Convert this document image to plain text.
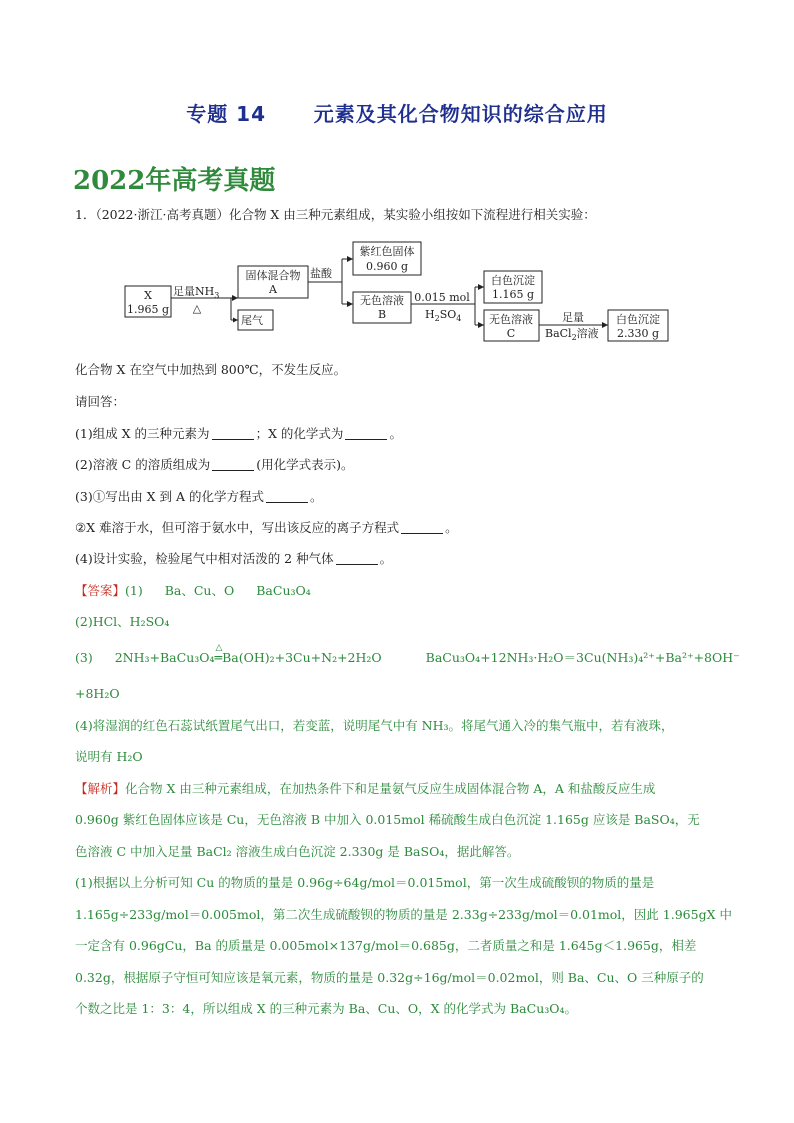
专题 14      元素及其化合物知识的综合应用
2022年高考真题
1．（2022·浙江·高考真题）化合物 X 由三种元素组成，某实验小组按如下流程进行相关实验：
X
1.965 g
足量$NH_3$
△
固体混合物
A
尾气
盐酸
紫红色固体
0.960 g
无色溶液
B
0.015 mol
$H_2SO_4$
白色沉淀
1.165 g
无色溶液
C
足量
BaCl$_2$溶液
白色沉淀
2.330 g
化合物 X 在空气中加热到 800℃，不发生反应。
请回答：
(1)组成 X 的三种元素为	；X 的化学式为	。
(2)溶液 C 的溶质组成为	(用化学式表示)。
(3)①写出由 X 到 A 的化学方程式	。
②X 难溶于水，但可溶于氨水中，写出该反应的离子方程式	。
(4)设计实验，检验尾气中相对活泼的 2 种气体	。
【答案】(1) Ba、Cu、O BaCu₃O₄
(2)HCl、H₂SO₄
(3) 2NH₃+BaCu₃O₄
△
═Ba(OH)₂+3Cu+N₂+2H₂O	BaCu₃O₄+12NH₃·H₂O＝3Cu(NH₃)₄²⁺+Ba²⁺+8OH⁻
+8H₂O
(4)将湿润的红色石蕊试纸置尾气出口，若变蓝，说明尾气中有 NH₃。将尾气通入冷的集气瓶中，若有液珠，
说明有 H₂O
【解析】化合物 X 由三种元素组成，在加热条件下和足量氨气反应生成固体混合物 A，A 和盐酸反应生成
0.960g 紫红色固体应该是 Cu，无色溶液 B 中加入 0.015mol 稀硫酸生成白色沉淀 1.165g 应该是 BaSO₄，无
色溶液 C 中加入足量 BaCl₂ 溶液生成白色沉淀 2.330g 是 BaSO₄，据此解答。
(1)根据以上分析可知 Cu 的物质的量是 0.96g÷64g/mol＝0.015mol，第一次生成硫酸钡的物质的量是
1.165g÷233g/mol＝0.005mol，第二次生成硫酸钡的物质的量是 2.33g÷233g/mol＝0.01mol，因此 1.965gX 中
一定含有 0.96gCu，Ba 的质量是 0.005mol×137g/mol＝0.685g，二者质量之和是 1.645g＜1.965g，相差
0.32g，根据原子守恒可知应该是氧元素，物质的量是 0.32g÷16g/mol＝0.02mol，则 Ba、Cu、O 三种原子的
个数之比是 1：3：4，所以组成 X 的三种元素为 Ba、Cu、O，X 的化学式为 BaCu₃O₄。
